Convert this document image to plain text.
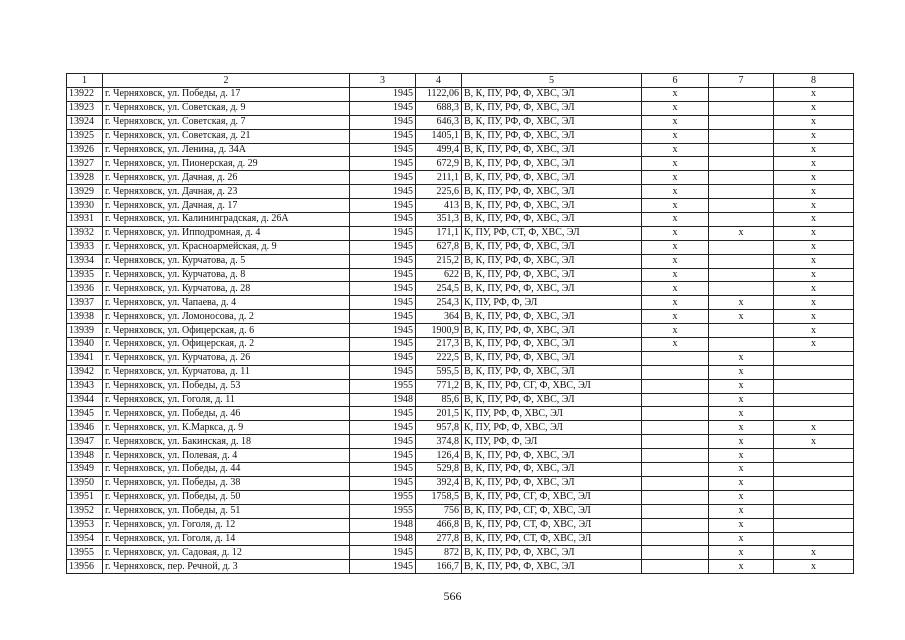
1	2	3	4	5	6	7	8
13922	г. Черняховск, ул. Победы, д. 17	1945	1122,06	В, К, ПУ, РФ, Ф, ХВС, ЭЛ	х		х
13923	г. Черняховск, ул. Советская, д. 9	1945	688,3	В, К, ПУ, РФ, Ф, ХВС, ЭЛ	х		х
13924	г. Черняховск, ул. Советская, д. 7	1945	646,3	В, К, ПУ, РФ, Ф, ХВС, ЭЛ	х		х
13925	г. Черняховск, ул. Советская, д. 21	1945	1405,1	В, К, ПУ, РФ, Ф, ХВС, ЭЛ	х		х
13926	г. Черняховск, ул. Ленина, д. 34А	1945	499,4	В, К, ПУ, РФ, Ф, ХВС, ЭЛ	х		х
13927	г. Черняховск, ул. Пионерская, д. 29	1945	672,9	В, К, ПУ, РФ, Ф, ХВС, ЭЛ	х		х
13928	г. Черняховск, ул. Дачная, д. 26	1945	211,1	В, К, ПУ, РФ, Ф, ХВС, ЭЛ	х		х
13929	г. Черняховск, ул. Дачная, д. 23	1945	225,6	В, К, ПУ, РФ, Ф, ХВС, ЭЛ	х		х
13930	г. Черняховск, ул. Дачная, д. 17	1945	413	В, К, ПУ, РФ, Ф, ХВС, ЭЛ	х		х
13931	г. Черняховск, ул. Калининградская, д. 26А	1945	351,3	В, К, ПУ, РФ, Ф, ХВС, ЭЛ	х		х
13932	г. Черняховск, ул. Ипподромная, д. 4	1945	171,1	К, ПУ, РФ, СТ, Ф, ХВС, ЭЛ	х	х	х
13933	г. Черняховск, ул. Красноармейская, д. 9	1945	627,8	В, К, ПУ, РФ, Ф, ХВС, ЭЛ	х		х
13934	г. Черняховск, ул. Курчатова, д. 5	1945	215,2	В, К, ПУ, РФ, Ф, ХВС, ЭЛ	х		х
13935	г. Черняховск, ул. Курчатова, д. 8	1945	622	В, К, ПУ, РФ, Ф, ХВС, ЭЛ	х		х
13936	г. Черняховск, ул. Курчатова, д. 28	1945	254,5	В, К, ПУ, РФ, Ф, ХВС, ЭЛ	х		х
13937	г. Черняховск, ул. Чапаева, д. 4	1945	254,3	К, ПУ, РФ, Ф, ЭЛ	х	х	х
13938	г. Черняховск, ул. Ломоносова, д. 2	1945	364	В, К, ПУ, РФ, Ф, ХВС, ЭЛ	х	х	х
13939	г. Черняховск, ул. Офицерская, д. 6	1945	1900,9	В, К, ПУ, РФ, Ф, ХВС, ЭЛ	х		х
13940	г. Черняховск, ул. Офицерская, д. 2	1945	217,3	В, К, ПУ, РФ, Ф, ХВС, ЭЛ	х		х
13941	г. Черняховск, ул. Курчатова, д. 26	1945	222,5	В, К, ПУ, РФ, Ф, ХВС, ЭЛ		х	
13942	г. Черняховск, ул. Курчатова, д. 11	1945	595,5	В, К, ПУ, РФ, Ф, ХВС, ЭЛ		х	
13943	г. Черняховск, ул. Победы, д. 53	1955	771,2	В, К, ПУ, РФ, СГ, Ф, ХВС, ЭЛ		х	
13944	г. Черняховск, ул. Гоголя, д. 11	1948	85,6	В, К, ПУ, РФ, Ф, ХВС, ЭЛ		х	
13945	г. Черняховск, ул. Победы, д. 46	1945	201,5	К, ПУ, РФ, Ф, ХВС, ЭЛ		х	
13946	г. Черняховск, ул. К.Маркса, д. 9	1945	957,8	К, ПУ, РФ, Ф, ХВС, ЭЛ		х	х
13947	г. Черняховск, ул. Бакинская, д. 18	1945	374,8	К, ПУ, РФ, Ф, ЭЛ		х	х
13948	г. Черняховск, ул. Полевая, д. 4	1945	126,4	В, К, ПУ, РФ, Ф, ХВС, ЭЛ		х	
13949	г. Черняховск, ул. Победы, д. 44	1945	529,8	В, К, ПУ, РФ, Ф, ХВС, ЭЛ		х	
13950	г. Черняховск, ул. Победы, д. 38	1945	392,4	В, К, ПУ, РФ, Ф, ХВС, ЭЛ		х	
13951	г. Черняховск, ул. Победы, д. 50	1955	1758,5	В, К, ПУ, РФ, СГ, Ф, ХВС, ЭЛ		х	
13952	г. Черняховск, ул. Победы, д. 51	1955	756	В, К, ПУ, РФ, СГ, Ф, ХВС, ЭЛ		х	
13953	г. Черняховск, ул. Гоголя, д. 12	1948	466,8	В, К, ПУ, РФ, СТ, Ф, ХВС, ЭЛ		х	
13954	г. Черняховск, ул. Гоголя, д. 14	1948	277,8	В, К, ПУ, РФ, СТ, Ф, ХВС, ЭЛ		х	
13955	г. Черняховск, ул. Садовая, д. 12	1945	872	В, К, ПУ, РФ, Ф, ХВС, ЭЛ		х	х
13956	г. Черняховск, пер. Речной, д. 3	1945	166,7	В, К, ПУ, РФ, Ф, ХВС, ЭЛ		х	х
566
